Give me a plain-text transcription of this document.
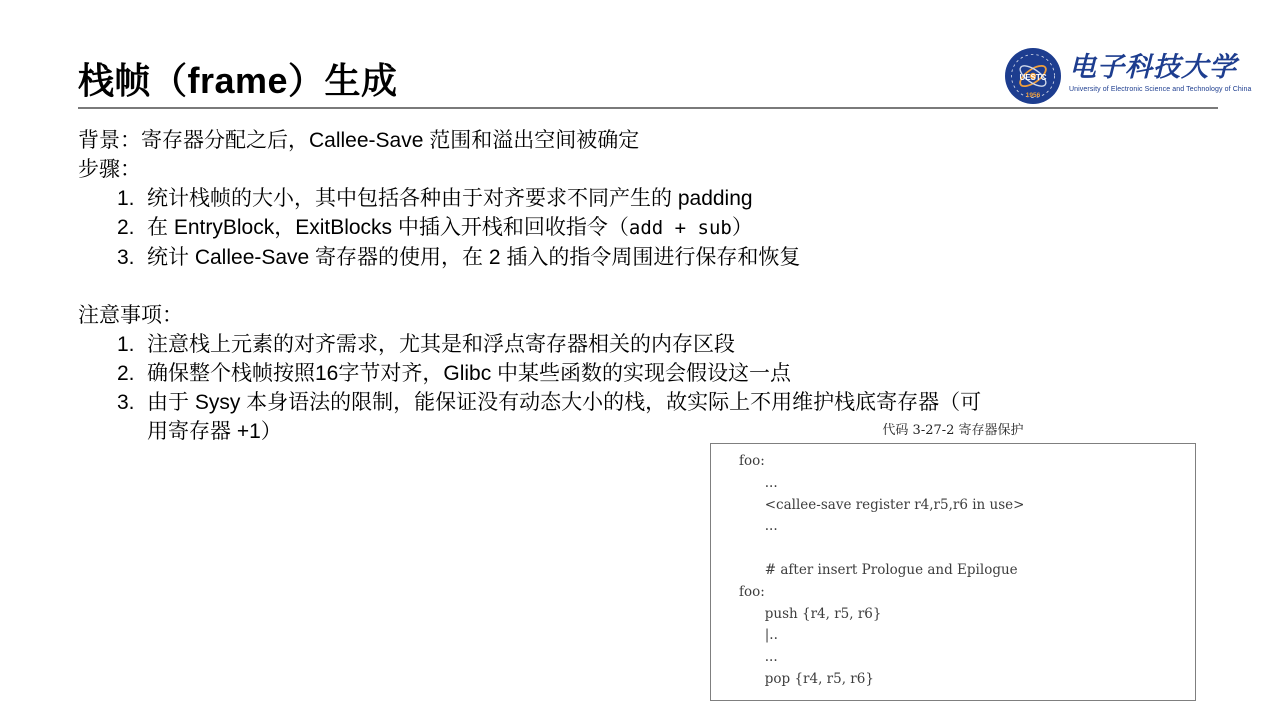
栈帧（frame）生成	UESTC
1956
电子科技大学
University of Electronic Science and Technology of China
背景：寄存器分配之后，Callee-Save 范围和溢出空间被确定
步骤：
1. 统计栈帧的大小，其中包括各种由于对齐要求不同产生的 padding
2. 在 EntryBlock，ExitBlocks 中插入开栈和回收指令（add + sub）
3. 统计 Callee-Save 寄存器的使用，在 2 插入的指令周围进行保存和恢复
注意事项：
1. 注意栈上元素的对齐需求，尤其是和浮点寄存器相关的内存区段
2. 确保整个栈帧按照16字节对齐，Glibc 中某些函数的实现会假设这一点
3. 由于 Sysy 本身语法的限制，能保证没有动态大小的栈，故实际上不用维护栈底寄存器（可
用寄存器 +1）	代码 3-27-2 寄存器保护
foo:
...
<callee-save register r4,r5,r6 in use>
...
# after insert Prologue and Epilogue
foo:
push {r4, r5, r6}
|..
...
pop {r4, r5, r6}
